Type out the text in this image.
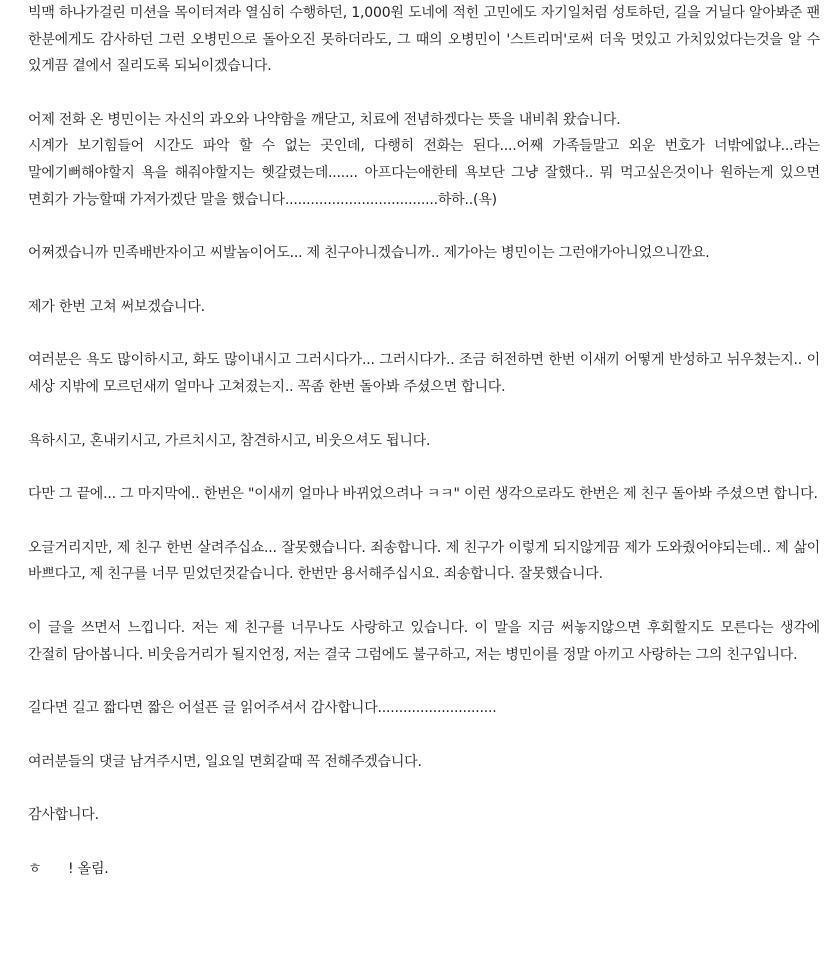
빅맥 하나가걸린 미션을 목이터져라 열심히 수행하던, 1,000원 도네에 적힌 고민에도 자기일처럼 성토하던, 길을 거닐다 알아봐준 팬 한분에게도 감사하던 그런 오병민으로 돌아오진 못하더라도, 그 때의 오병민이 '스트리머'로써 더욱 멋있고 가치있었다는것을 알 수 있게끔 곁에서 질리도록 되뇌이겠습니다.

어제 전화 온 병민이는 자신의 과오와 나약함을 깨닫고, 치료에 전념하겠다는 뜻을 내비춰 왔습니다.
시계가 보기힘들어 시간도 파악 할 수 없는 곳인데, 다행히 전화는 된다....어째 가족들말고 외운 번호가 너밖에없냐...라는 말에기뻐해야할지 욕을 해줘야할지는 헷갈렸는데....... 아프다는애한테 욕보단 그냥 잘했다.. 뭐 먹고싶은것이나 원하는게 있으면 면회가 가능할때 가져가겠단 말을 했습니다....................................하하..(욕)

어쩌겠습니까 민족배반자이고 씨발놈이어도... 제 친구아니겠습니까.. 제가아는 병민이는 그런애가아니었으니깐요.

제가 한번 고쳐 써보겠습니다.

여러분은 욕도 많이하시고, 화도 많이내시고 그러시다가... 그러시다가.. 조금 허전하면 한번 이새끼 어떻게 반성하고 뉘우쳤는지.. 이 세상 지밖에 모르던새끼 얼마나 고쳐졌는지.. 꼭좀 한번 돌아봐 주셨으면 합니다.

욕하시고, 혼내키시고, 가르치시고, 참견하시고, 비웃으셔도 됩니다.

다만 그 끝에... 그 마지막에.. 한번은 "이새끼 얼마나 바뀌었으려나 ㅋㅋ" 이런 생각으로라도 한번은 제 친구 돌아봐 주셨으면 합니다.

오글거리지만, 제 친구 한번 살려주십쇼... 잘못했습니다. 죄송합니다. 제 친구가 이렇게 되지않게끔 제가 도와줬어야되는데.. 제 삶이 바쁘다고, 제 친구를 너무 믿었던것같습니다. 한번만 용서해주십시요. 죄송합니다. 잘못했습니다.

이 글을 쓰면서 느낍니다. 저는 제 친구를 너무나도 사랑하고 있습니다. 이 말을 지금 써놓지않으면 후회할지도 모른다는 생각에 간절히 담아봅니다. 비웃음거리가 될지언정, 저는 결국 그럼에도 불구하고, 저는 병민이를 정말 아끼고 사랑하는 그의 친구입니다.

길다면 길고 짧다면 짧은 어설픈 글 읽어주셔서 감사합니다............................

여러분들의 댓글 남겨주시면, 일요일 면회갈때 꼭 전해주겠습니다.

감사합니다.

ㅎ ! 올림.
